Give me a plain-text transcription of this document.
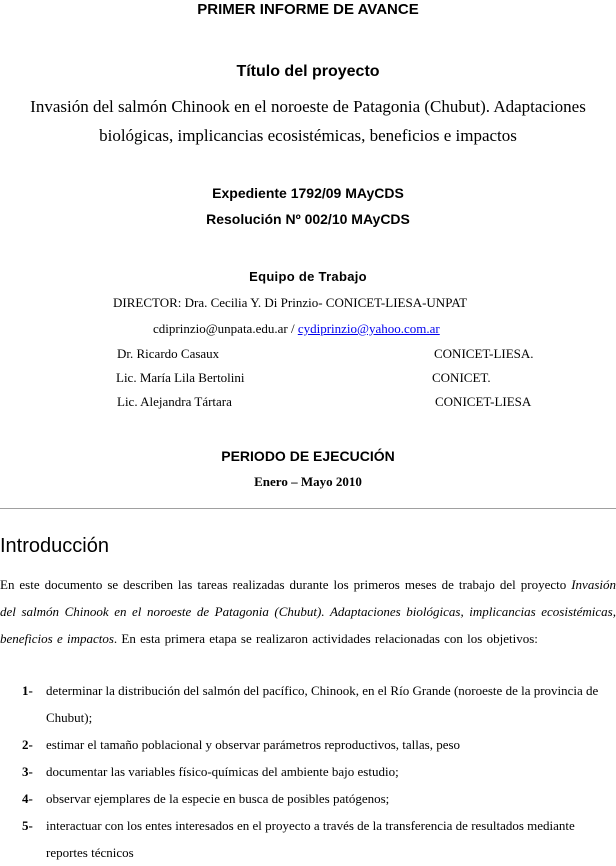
PRIMER INFORME DE AVANCE
Título del proyecto
Invasión del salmón Chinook en el noroeste de Patagonia (Chubut). Adaptaciones biológicas, implicancias ecosistémicas, beneficios e impactos
Expediente 1792/09 MAyCDS
Resolución Nº 002/10 MAyCDS
Equipo de Trabajo
DIRECTOR: Dra. Cecilia Y. Di Prinzio- CONICET-LIESA-UNPAT
cdiprinzio@unpata.edu.ar / cydiprinzio@yahoo.com.ar
Dr. Ricardo Casaux	CONICET-LIESA.
Lic. María Lila Bertolini	CONICET.
Lic. Alejandra Tártara	CONICET-LIESA
PERIODO DE EJECUCIÓN
Enero – Mayo 2010
Introducción
En este documento se describen las tareas realizadas durante los primeros meses de trabajo del proyecto Invasión del salmón Chinook en el noroeste de Patagonia (Chubut). Adaptaciones biológicas, implicancias ecosistémicas, beneficios e impactos. En esta primera etapa se realizaron actividades relacionadas con los objetivos:
1- determinar la distribución del salmón del pacífico, Chinook, en el Río Grande (noroeste de la provincia de Chubut);
2- estimar el tamaño poblacional y observar parámetros reproductivos, tallas, peso
3- documentar las variables físico-químicas del ambiente bajo estudio;
4- observar ejemplares de la especie en busca de posibles patógenos;
5- interactuar con los entes interesados en el proyecto a través de la transferencia de resultados mediante reportes técnicos
